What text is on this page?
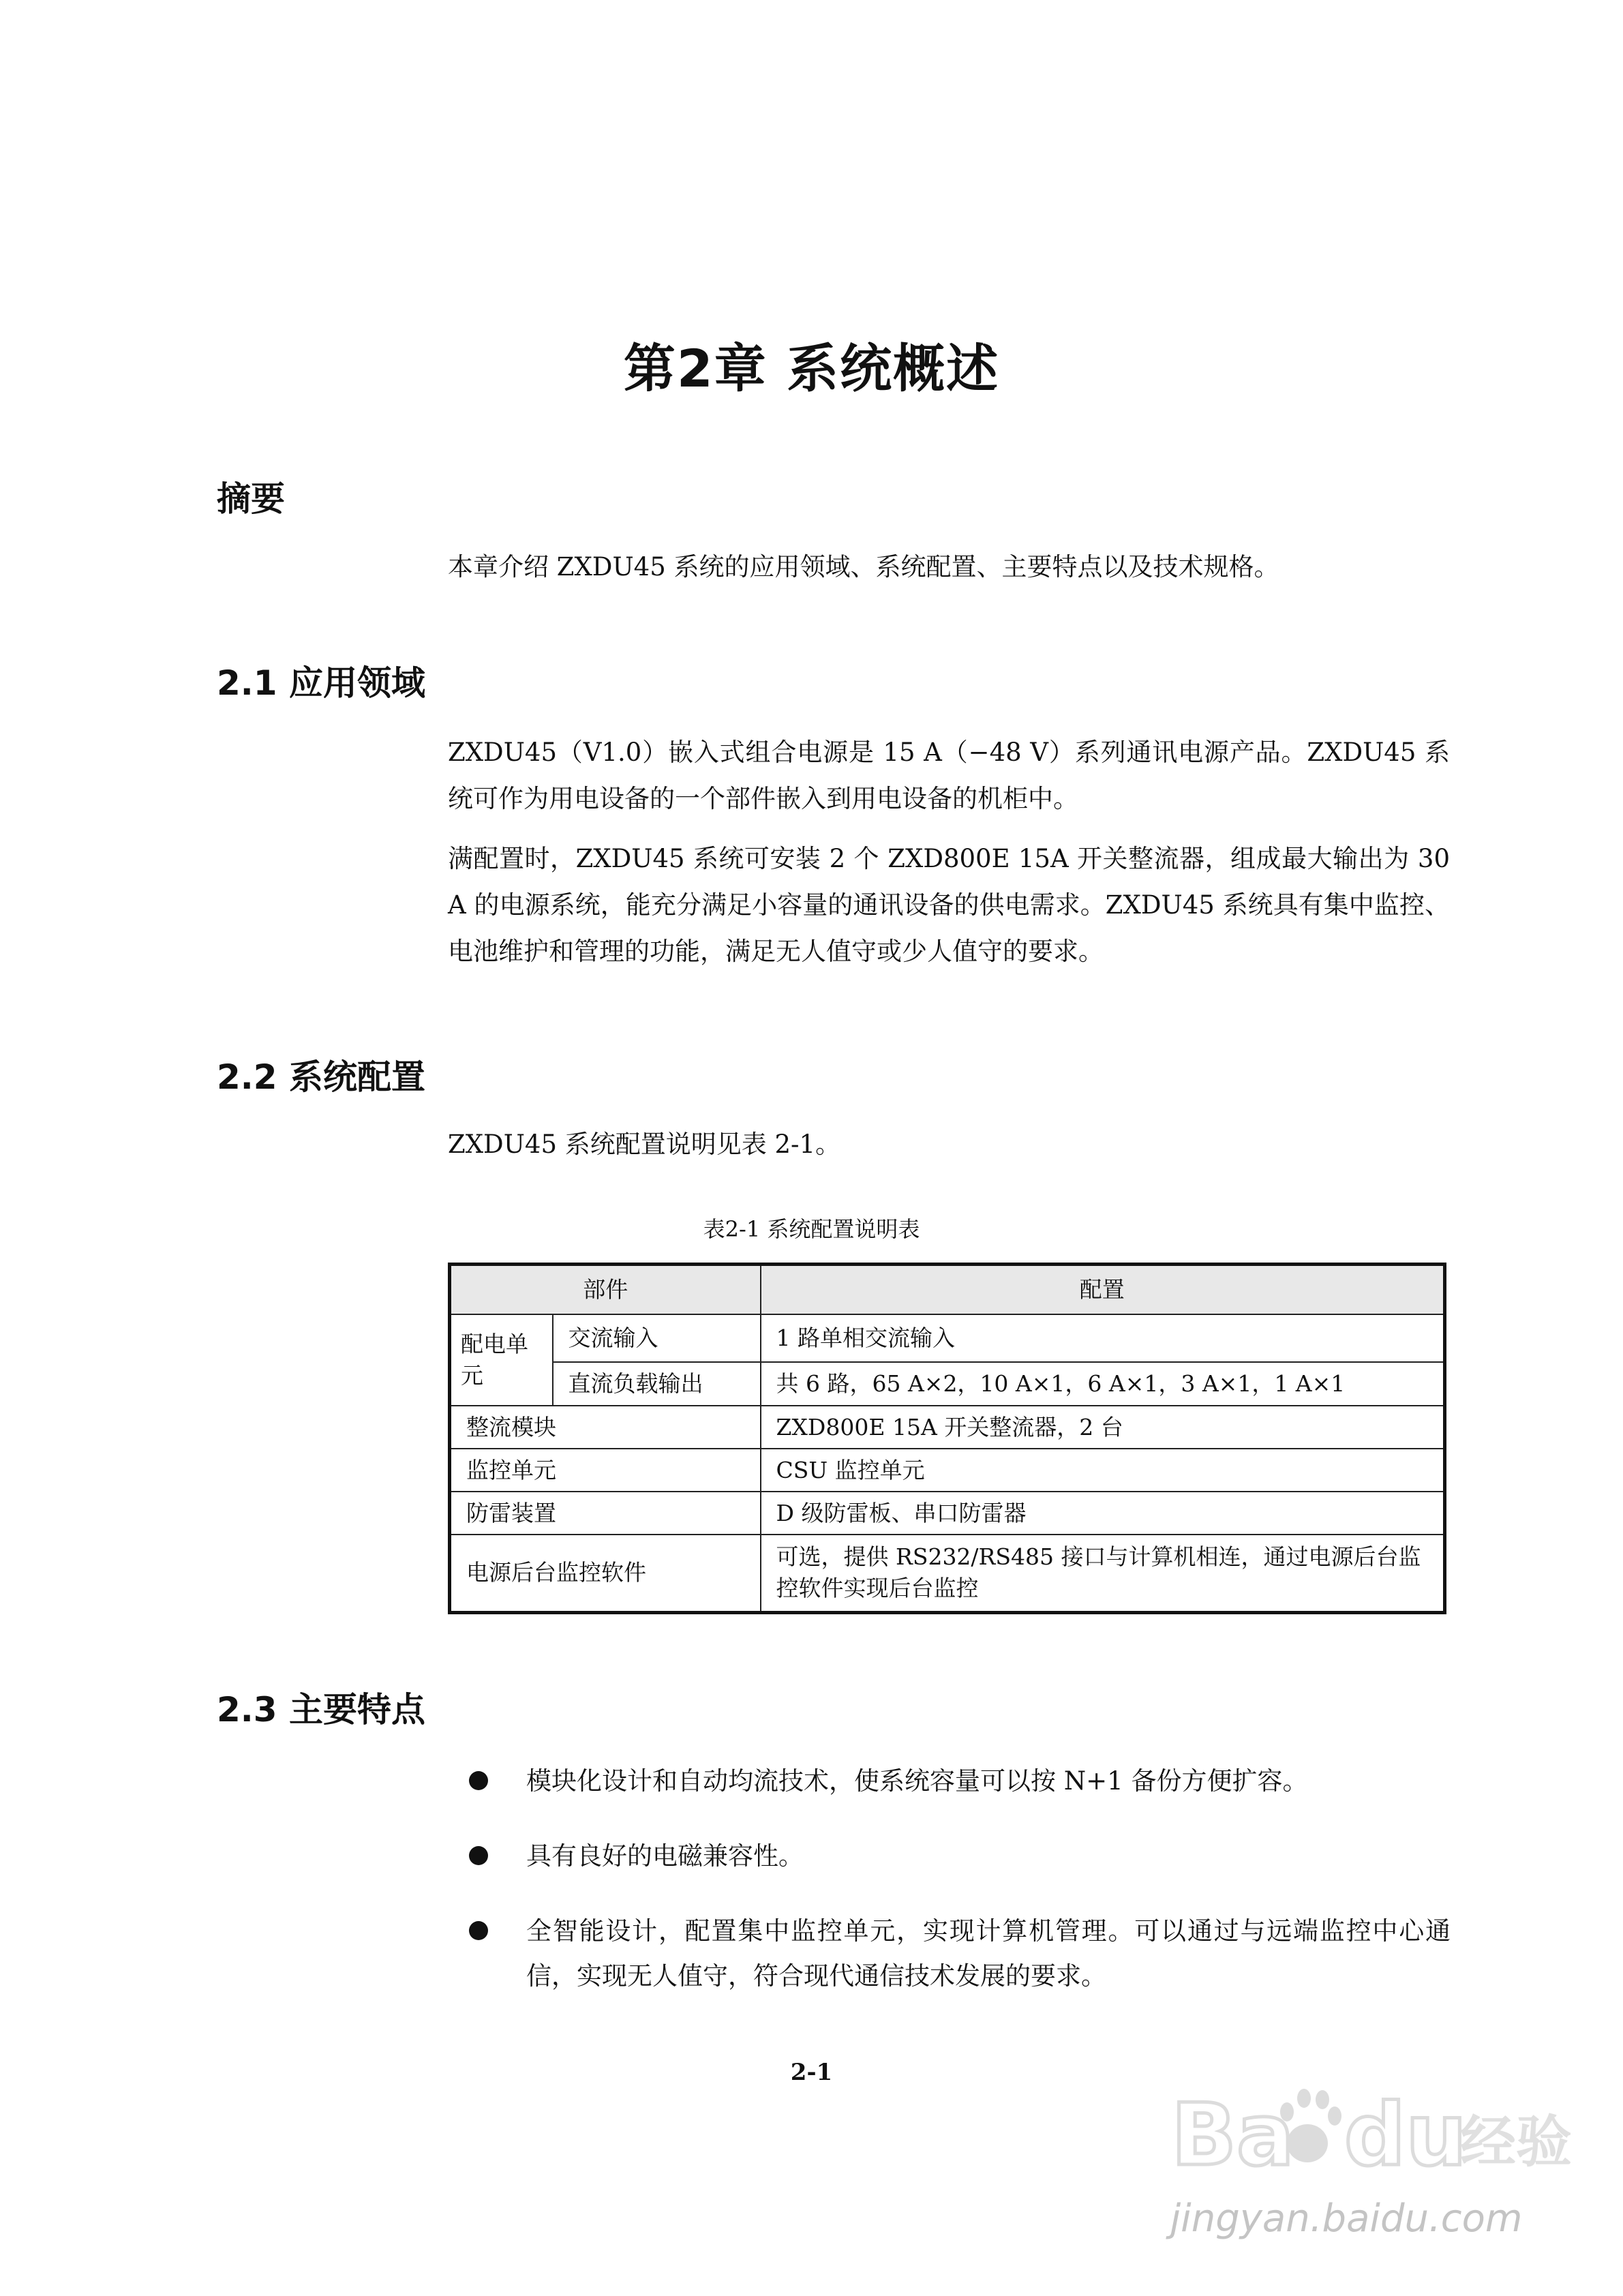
第2章 系统概述
摘要
本章介绍 ZXDU45 系统的应用领域、系统配置、主要特点以及技术规格。
2.1 应用领域
ZXDU45（V1.0）嵌入式组合电源是 15 A（−48 V）系列通讯电源产品。ZXDU45 系统可作为用电设备的一个部件嵌入到用电设备的机柜中。
满配置时，ZXDU45 系统可安装 2 个 ZXD800E 15A 开关整流器，组成最大输出为 30 A 的电源系统，能充分满足小容量的通讯设备的供电需求。ZXDU45 系统具有集中监控、电池维护和管理的功能，满足无人值守或少人值守的要求。
2.2 系统配置
ZXDU45 系统配置说明见表 2-1。
表2-1 系统配置说明表
部件		配置
配电单元	交流输入	1 路单相交流输入
	直流负载输出	共 6 路，65 A×2，10 A×1，6 A×1，3 A×1，1 A×1
整流模块		ZXD800E 15A 开关整流器，2 台
监控单元		CSU 监控单元
防雷装置		D 级防雷板、串口防雷器
电源后台监控软件		可选，提供 RS232/RS485 接口与计算机相连，通过电源后台监控软件实现后台监控
2.3 主要特点
模块化设计和自动均流技术，使系统容量可以按 N+1 备份方便扩容。
具有良好的电磁兼容性。
全智能设计，配置集中监控单元，实现计算机管理。可以通过与远端监控中心通信，实现无人值守，符合现代通信技术发展的要求。
2-1
Ba du
经验
jingyan.baidu.com
